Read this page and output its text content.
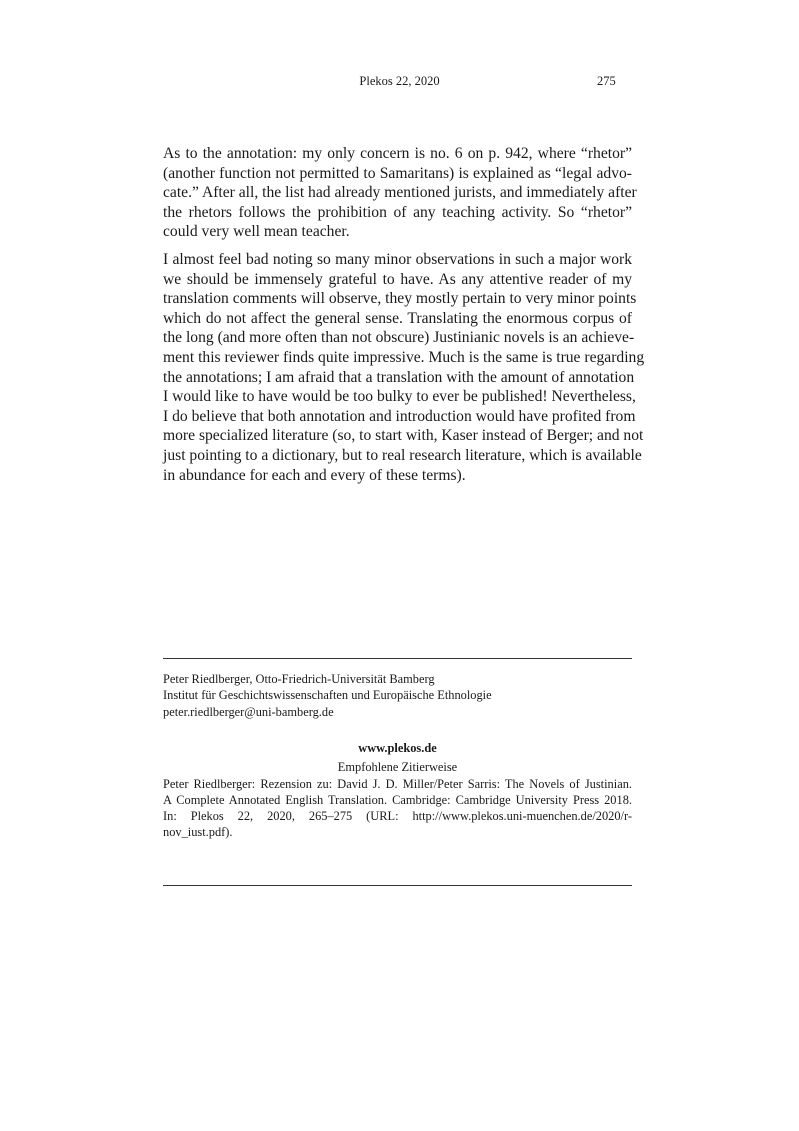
Plekos 22, 2020	275
As to the annotation: my only concern is no. 6 on p. 942, where “rhetor”
(another function not permitted to Samaritans) is explained as “legal advo-
cate.” After all, the list had already mentioned jurists, and immediately after
the rhetors follows the prohibition of any teaching activity. So “rhetor”
could very well mean teacher.
I almost feel bad noting so many minor observations in such a major work
we should be immensely grateful to have. As any attentive reader of my
translation comments will observe, they mostly pertain to very minor points
which do not affect the general sense. Translating the enormous corpus of
the long (and more often than not obscure) Justinianic novels is an achieve-
ment this reviewer finds quite impressive. Much is the same is true regarding
the annotations; I am afraid that a translation with the amount of annotation
I would like to have would be too bulky to ever be published! Nevertheless,
I do believe that both annotation and introduction would have profited from
more specialized literature (so, to start with, Kaser instead of Berger; and not
just pointing to a dictionary, but to real research literature, which is available
in abundance for each and every of these terms).
Peter Riedlberger, Otto-Friedrich-Universität Bamberg
Institut für Geschichtswissenschaften und Europäische Ethnologie
peter.riedlberger@uni-bamberg.de
www.plekos.de
Empfohlene Zitierweise
Peter Riedlberger: Rezension zu: David J. D. Miller/Peter Sarris: The Novels of Justinian.
A Complete Annotated English Translation. Cambridge: Cambridge University Press 2018.
In: Plekos 22, 2020, 265–275 (URL: http://www.plekos.uni-muenchen.de/2020/r-
nov_iust.pdf).
